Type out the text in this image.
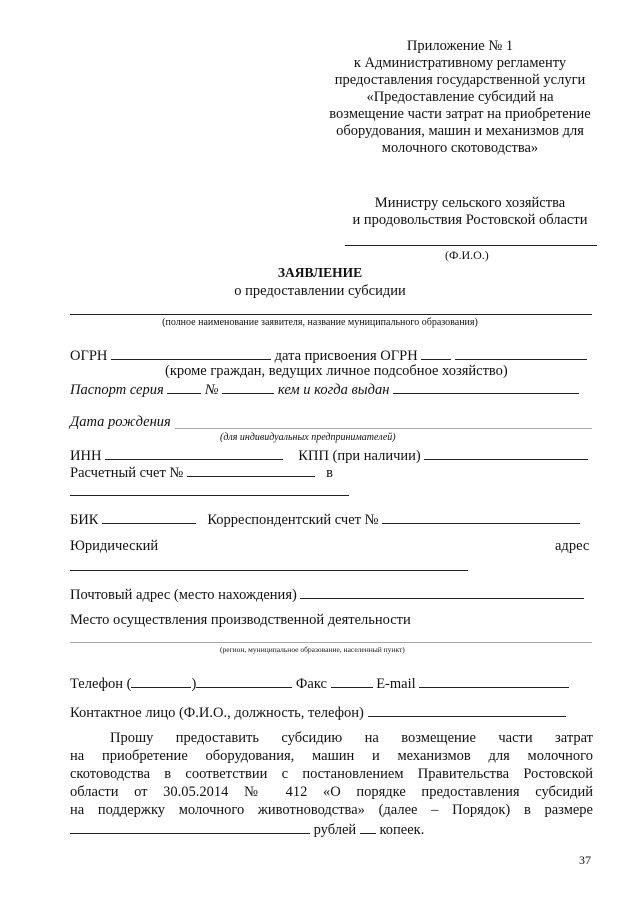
Приложение № 1
к Административному регламенту
предоставления государственной услуги
«Предоставление субсидий на
возмещение части затрат на приобретение
оборудования, машин и механизмов для
молочного скотоводства»
Министру сельского хозяйства
и продовольствия Ростовской области
(Ф.И.О.)
ЗАЯВЛЕНИЕ
о предоставлении субсидии
(полное наименование заявителя, название муниципального образования)
ОГРН	дата присвоения ОГРН
(кроме граждан, ведущих личное подсобное хозяйство)
Паспорт серия	№	кем и когда выдан
Дата рождения
(для индивидуальных предпринимателей)
ИНН	КПП (при наличии)
Расчетный счет №	в
БИК	Корреспондентский счет №
Юридический	адрес
Почтовый адрес (место нахождения)
Место осуществления производственной деятельности
(регион, муниципальное образование, населенный пункт)
Телефон (	)	Факс	E-mail
Контактное лицо (Ф.И.О., должность, телефон)
Прошу предоставить субсидию на возмещение части затрат
на приобретение оборудования, машин и механизмов для молочного
скотоводства в соответствии с постановлением Правительства Ростовской
области от 30.05.2014 № 412 «О порядке предоставления субсидий
на поддержку молочного животноводства» (далее – Порядок) в размере
рублей копеек.
37
